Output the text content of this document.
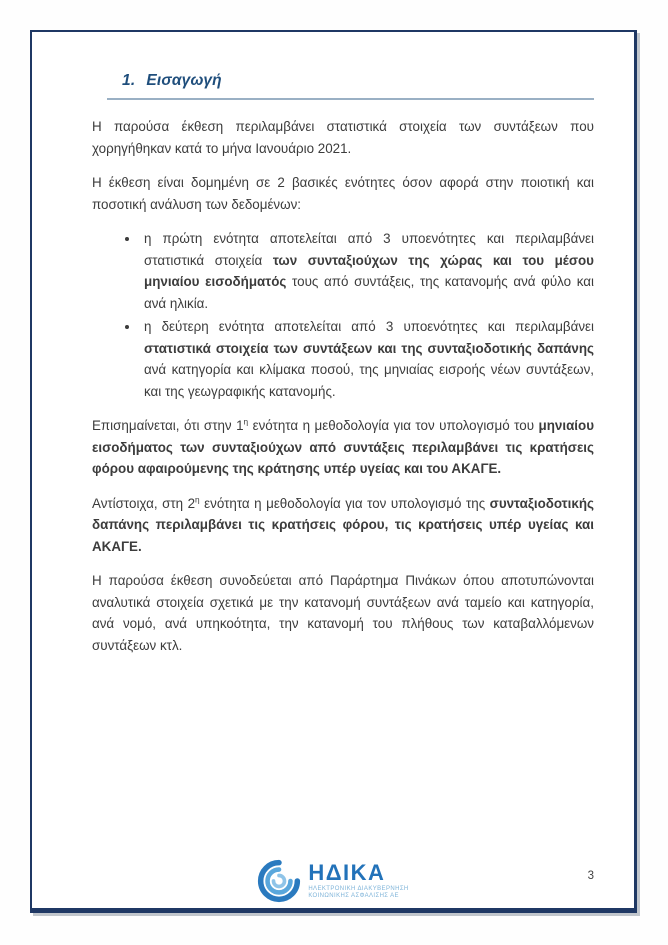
1. Εισαγωγή

Η παρούσα έκθεση περιλαμβάνει στατιστικά στοιχεία των συντάξεων που χορηγήθηκαν κατά το μήνα Ιανουάριο 2021.

Η έκθεση είναι δομημένη σε 2 βασικές ενότητες όσον αφορά στην ποιοτική και ποσοτική ανάλυση των δεδομένων:

• η πρώτη ενότητα αποτελείται από 3 υποενότητες και περιλαμβάνει στατιστικά στοιχεία των συνταξιούχων της χώρας και του μέσου μηνιαίου εισοδήματός τους από συντάξεις, της κατανομής ανά φύλο και ανά ηλικία.
• η δεύτερη ενότητα αποτελείται από 3 υποενότητες και περιλαμβάνει στατιστικά στοιχεία των συντάξεων και της συνταξιοδοτικής δαπάνης ανά κατηγορία και κλίμακα ποσού, της μηνιαίας εισροής νέων συντάξεων, και της γεωγραφικής κατανομής.

Επισημαίνεται, ότι στην $1^\eta$ ενότητα η μεθοδολογία για τον υπολογισμό του μηνιαίου εισοδήματος των συνταξιούχων από συντάξεις περιλαμβάνει τις κρατήσεις φόρου αφαιρούμενης της κράτησης υπέρ υγείας και του ΑΚΑΓΕ.

Αντίστοιχα, στη $2^\eta$ ενότητα η μεθοδολογία για τον υπολογισμό της συνταξιοδοτικής δαπάνης περιλαμβάνει τις κρατήσεις φόρου, τις κρατήσεις υπέρ υγείας και ΑΚΑΓΕ.

Η παρούσα έκθεση συνοδεύεται από Παράρτημα Πινάκων όπου αποτυπώνονται αναλυτικά στοιχεία σχετικά με την κατανομή συντάξεων ανά ταμείο και κατηγορία, ανά νομό, ανά υπηκοότητα, την κατανομή του πλήθους των καταβαλλόμενων συντάξεων κτλ.

ΗΔΙΚΑ
ΗΛΕΚΤΡΟΝΙΚΗ ΔΙΑΚΥΒΕΡΝΗΣΗ
ΚΟΙΝΩΝΙΚΗΣ ΑΣΦΑΛΙΣΗΣ ΑΕ
3
